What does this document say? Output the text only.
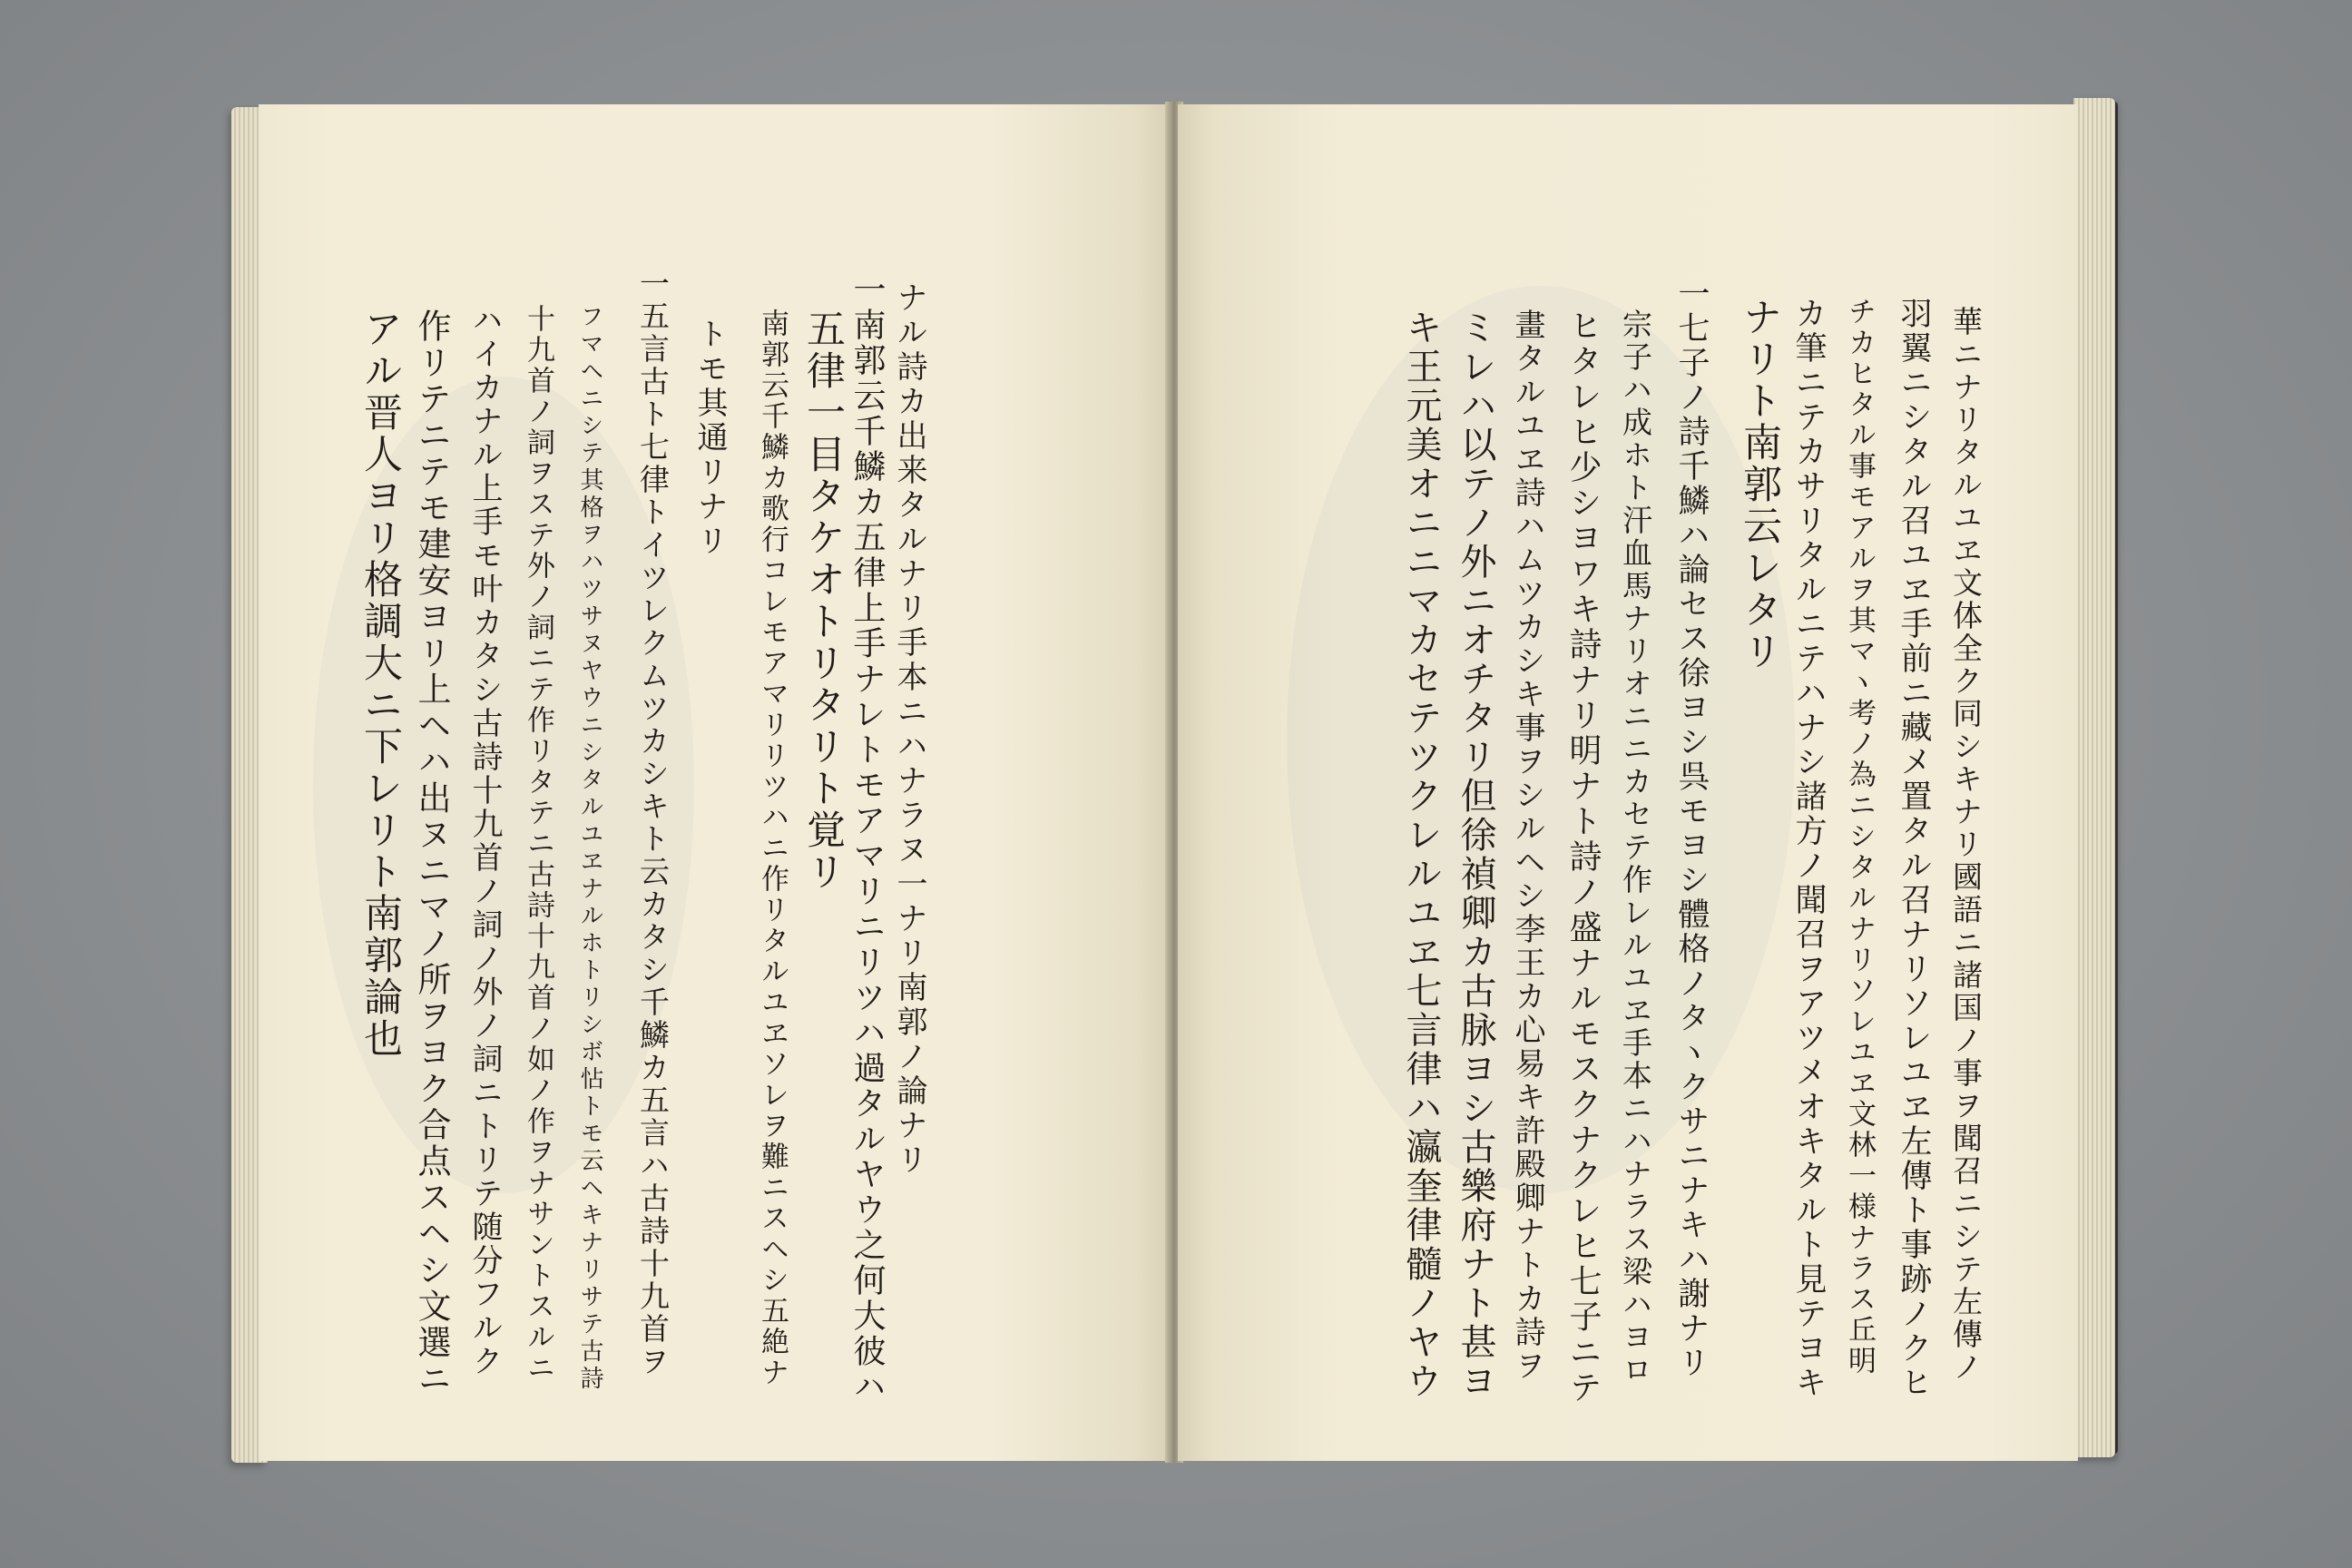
ナル詩カ出来タルナリ手本ニハナラヌ一ナリ南郭ノ論ナリ
一南郭云千鱗カ五律上手ナレトモアマリニリツハ過タルヤウ之何大彼ハ
五律一目タケオトリタリト覚リ
南郭云千鱗カ歌行コレモアマリリツハニ作リタルユヱソレヲ難ニスヘシ五絶ナ
トモ其通リナリ
一五言古ト七律トイツレクムツカシキト云カタシ千鱗カ五言ハ古詩十九首ヲ
フマヘニシテ其格ヲハツサヌヤウニシタルユヱナルホトリシボ怗トモ云ヘキナリサテ古詩
十九首ノ詞ヲステ外ノ詞ニテ作リタテニ古詩十九首ノ如ノ作ヲナサントスルニ
ハイカナル上手モ叶カタシ古詩十九首ノ詞ノ外ノ詞ニトリテ随分フルク
作リテニテモ建安ヨリ上ヘハ出ヌニマノ所ヲヨク合点スヘシ文選ニ
アル晋人ヨリ格調大ニ下レリト南郭論也	華ニナリタルユヱ文体全ク同シキナリ國語ニ諸国ノ事ヲ聞召ニシテ左傳ノ
羽翼ニシタル召ユヱ手前ニ藏メ置タル召ナリソレユヱ左傳ト事跡ノクヒ
チカヒタル事モアルヲ其マヽ考ノ為ニシタルナリソレユヱ文林一様ナラス丘明
カ筆ニテカサリタルニテハナシ諸方ノ聞召ヲアツメオキタルト見テヨキ
ナリト南郭云レタリ
一七子ノ詩千鱗ハ論セス徐ヨシ呉モヨシ體格ノタヽクサニナキハ謝ナリ
宗子ハ成ホト汗血馬ナリオニニカセテ作レルユヱ手本ニハナラス梁ハヨロ
ヒタレヒ少シヨワキ詩ナリ明ナト詩ノ盛ナルモスクナクレヒ七子ニテ
畫タルユヱ詩ハムツカシキ事ヲシルヘシ李王カ心易キ許殿卿ナトカ詩ヲ
ミレハ以テノ外ニオチタリ但徐禎卿カ古脉ヨシ古樂府ナト甚ヨ
キ王元美オニニマカセテツクレルユヱ七言律ハ瀛奎律髓ノヤウ
